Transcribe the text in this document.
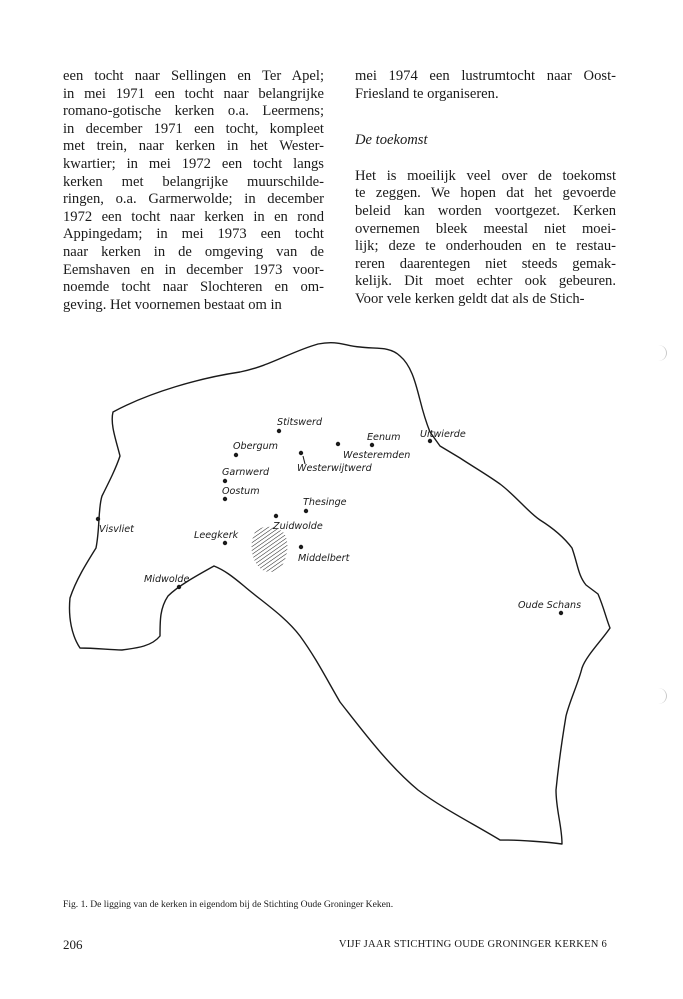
een tocht naar Sellingen en Ter Apel;
in mei 1971 een tocht naar belangrijke
romano-gotische kerken o.a. Leermens;
in december 1971 een tocht, kompleet
met trein, naar kerken in het Wester-
kwartier; in mei 1972 een tocht langs
kerken met belangrijke muurschilde-
ringen, o.a. Garmerwolde; in december
1972 een tocht naar kerken in en rond
Appingedam; in mei 1973 een tocht
naar kerken in de omgeving van de
Eemshaven en in december 1973 voor-
noemde tocht naar Slochteren en om-
geving. Het voornemen bestaat om in

mei 1974 een lustrumtocht naar Oost-
Friesland te organiseren.

De toekomst

Het is moeilijk veel over de toekomst
te zeggen. We hopen dat het gevoerde
beleid kan worden voortgezet. Kerken
overnemen bleek meestal niet moei-
lijk; deze te onderhouden en te restau-
reren daarentegen niet steeds gemak-
kelijk. Dit moet echter ook gebeuren.
Voor vele kerken geldt dat als de Stich-

Stitswerd
Obergum
Eenum Uitwierde
Westeremden
Westerwijtwerd
Garnwerd
Oostum
Thesinge
Visvliet	Zuidwolde
Leegkerk
Middelbert
Midwolde
Oude Schans
Fig. 1. De ligging van de kerken in eigendom bij de Stichting Oude Groninger Keken.
206	VIJF JAAR STICHTING OUDE GRONINGER KERKEN 6
